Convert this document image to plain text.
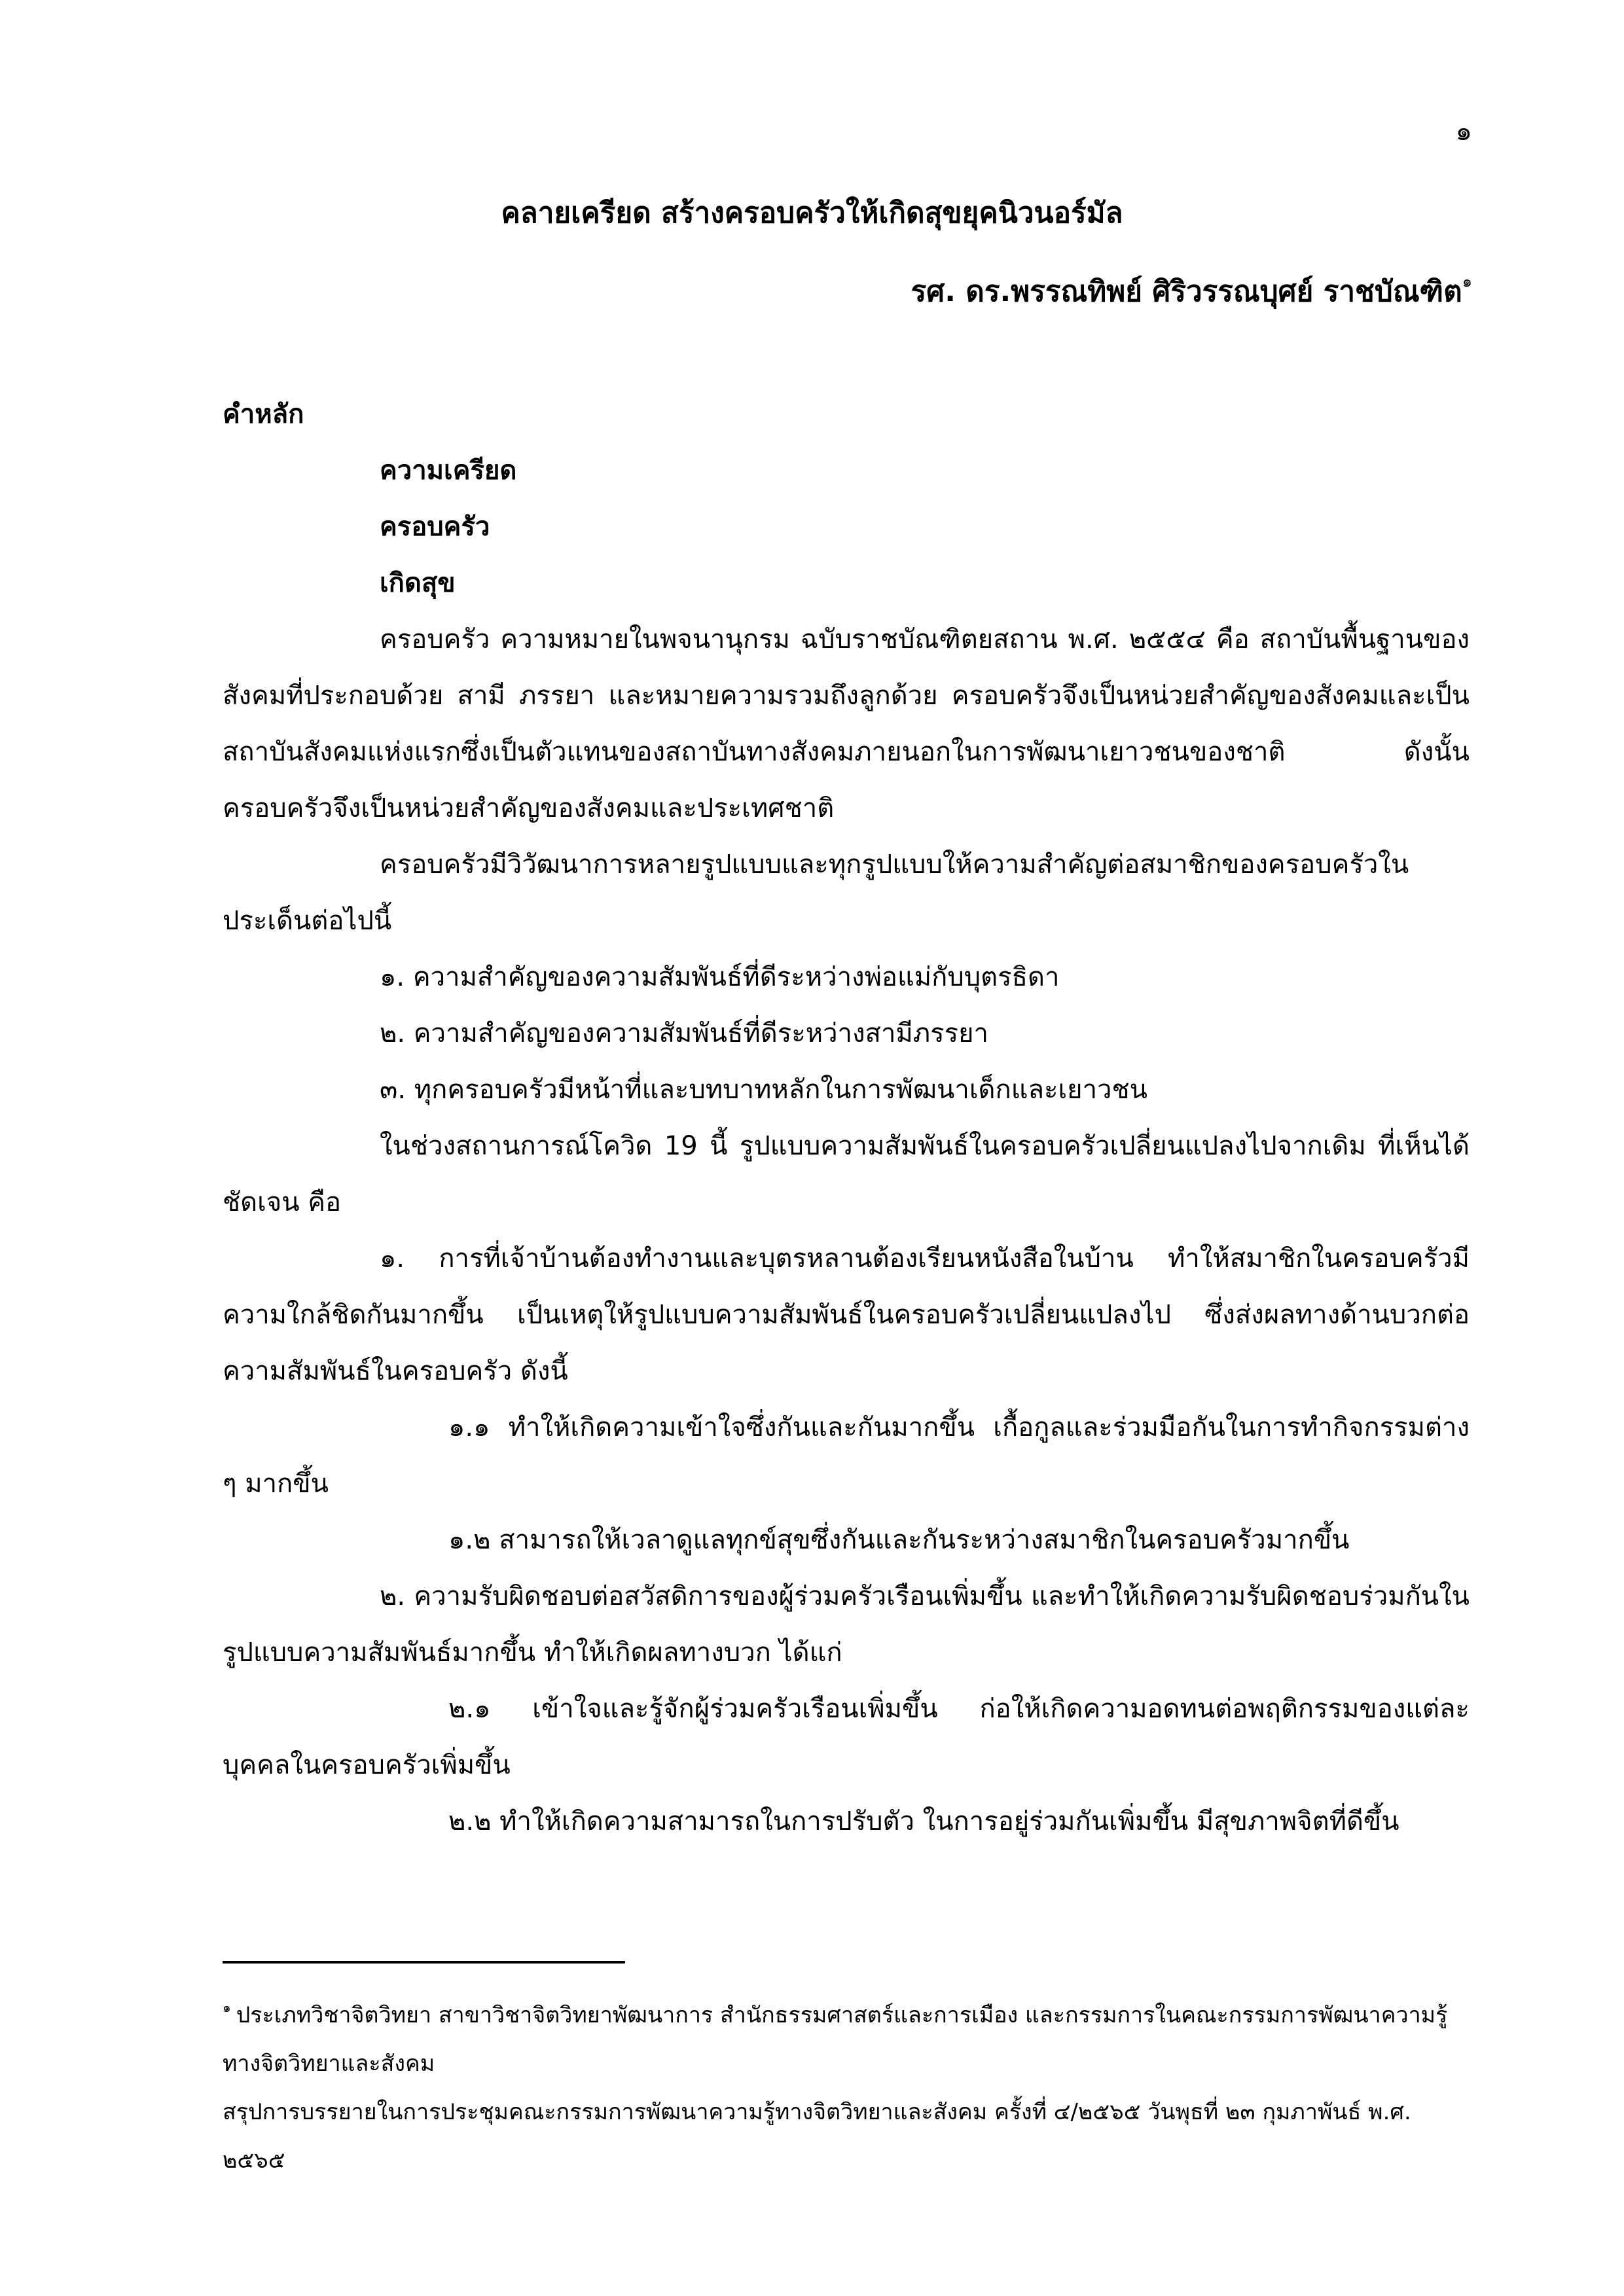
๑
คลายเครียด สร้างครอบครัวให้เกิดสุขยุคนิวนอร์มัล
รศ. ดร.พรรณทิพย์ ศิริวรรณบุศย์ ราชบัณฑิต$^๑$
คำหลัก
ความเครียด
ครอบครัว
เกิดสุข
ครอบครัว ความหมายในพจนานุกรม ฉบับราชบัณฑิตยสถาน พ.ศ. ๒๕๕๔ คือ สถาบันพื้นฐานของสังคมที่ประกอบด้วย สามี ภรรยา และหมายความรวมถึงลูกด้วย ครอบครัวจึงเป็นหน่วยสำคัญของสังคมและเป็นสถาบันสังคมแห่งแรกซึ่งเป็นตัวแทนของสถาบันทางสังคมภายนอกในการพัฒนาเยาวชนของชาติ ดังนั้น ครอบครัวจึงเป็นหน่วยสำคัญของสังคมและประเทศชาติ
ครอบครัวมีวิวัฒนาการหลายรูปแบบและทุกรูปแบบให้ความสำคัญต่อสมาชิกของครอบครัวในประเด็นต่อไปนี้
๑. ความสำคัญของความสัมพันธ์ที่ดีระหว่างพ่อแม่กับบุตรธิดา
๒. ความสำคัญของความสัมพันธ์ที่ดีระหว่างสามีภรรยา
๓. ทุกครอบครัวมีหน้าที่และบทบาทหลักในการพัฒนาเด็กและเยาวชน
ในช่วงสถานการณ์โควิด 19 นี้ รูปแบบความสัมพันธ์ในครอบครัวเปลี่ยนแปลงไปจากเดิม ที่เห็นได้ชัดเจน คือ
๑. การที่เจ้าบ้านต้องทำงานและบุตรหลานต้องเรียนหนังสือในบ้าน ทำให้สมาชิกในครอบครัวมีความใกล้ชิดกันมากขึ้น เป็นเหตุให้รูปแบบความสัมพันธ์ในครอบครัวเปลี่ยนแปลงไป ซึ่งส่งผลทางด้านบวกต่อความสัมพันธ์ในครอบครัว ดังนี้
๑.๑ ทำให้เกิดความเข้าใจซึ่งกันและกันมากขึ้น เกื้อกูลและร่วมมือกันในการทำกิจกรรมต่าง ๆ มากขึ้น
๑.๒ สามารถให้เวลาดูแลทุกข์สุขซึ่งกันและกันระหว่างสมาชิกในครอบครัวมากขึ้น
๒. ความรับผิดชอบต่อสวัสดิการของผู้ร่วมครัวเรือนเพิ่มขึ้น และทำให้เกิดความรับผิดชอบร่วมกันในรูปแบบความสัมพันธ์มากขึ้น ทำให้เกิดผลทางบวก ได้แก่
๒.๑ เข้าใจและรู้จักผู้ร่วมครัวเรือนเพิ่มขึ้น ก่อให้เกิดความอดทนต่อพฤติกรรมของแต่ละบุคคลในครอบครัวเพิ่มขึ้น
๒.๒ ทำให้เกิดความสามารถในการปรับตัว ในการอยู่ร่วมกันเพิ่มขึ้น มีสุขภาพจิตที่ดีขึ้น
$^๑$ ประเภทวิชาจิตวิทยา สาขาวิชาจิตวิทยาพัฒนาการ สำนักธรรมศาสตร์และการเมือง และกรรมการในคณะกรรมการพัฒนาความรู้ทางจิตวิทยาและสังคม
สรุปการบรรยายในการประชุมคณะกรรมการพัฒนาความรู้ทางจิตวิทยาและสังคม ครั้งที่ ๔/๒๕๖๕ วันพุธที่ ๒๓ กุมภาพันธ์ พ.ศ. ๒๕๖๕
